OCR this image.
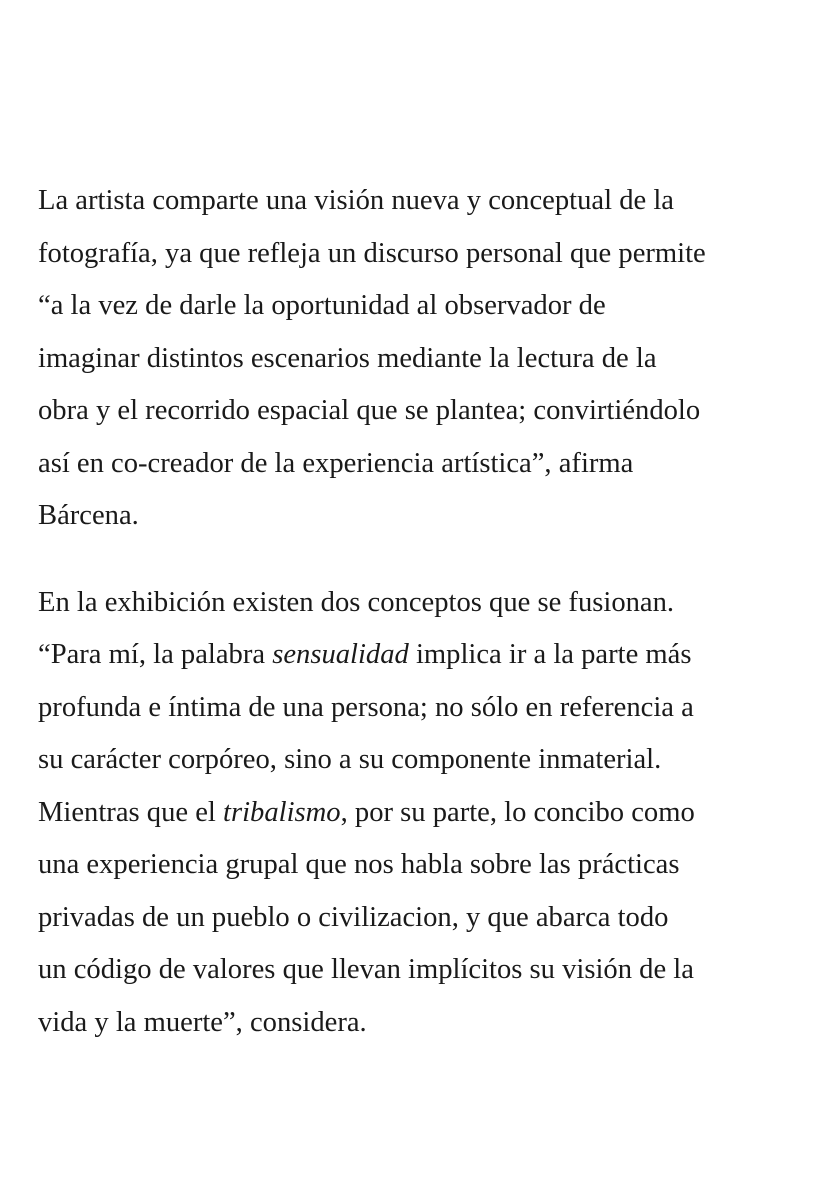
La artista comparte una visión nueva y conceptual de la
fotografía, ya que refleja un discurso personal que permite
“a la vez de darle la oportunidad al observador de
imaginar distintos escenarios mediante la lectura de la
obra y el recorrido espacial que se plantea; convirtiéndolo
así en co-creador de la experiencia artística”, afirma
Bárcena.

En la exhibición existen dos conceptos que se fusionan.
“Para mí, la palabra sensualidad implica ir a la parte más
profunda e íntima de una persona; no sólo en referencia a
su carácter corpóreo, sino a su componente inmaterial.
Mientras que el tribalismo, por su parte, lo concibo como
una experiencia grupal que nos habla sobre las prácticas
privadas de un pueblo o civilizacion, y que abarca todo
un código de valores que llevan implícitos su visión de la
vida y la muerte”, considera.
